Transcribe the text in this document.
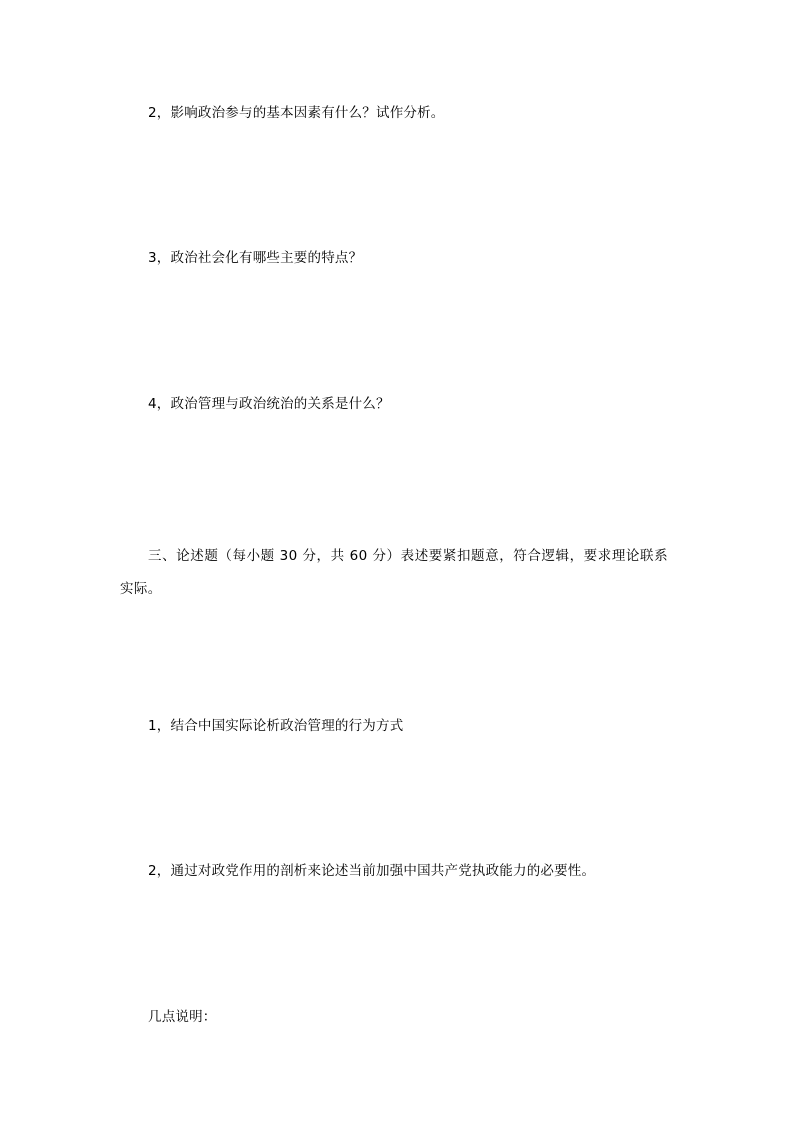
2，影响政治参与的基本因素有什么？试作分析。
3，政治社会化有哪些主要的特点？
4，政治管理与政治统治的关系是什么？
三、论述题（每小题 30 分，共 60 分）表述要紧扣题意，符合逻辑，要求理论联系实际。
1，结合中国实际论析政治管理的行为方式
2，通过对政党作用的剖析来论述当前加强中国共产党执政能力的必要性。
几点说明：
